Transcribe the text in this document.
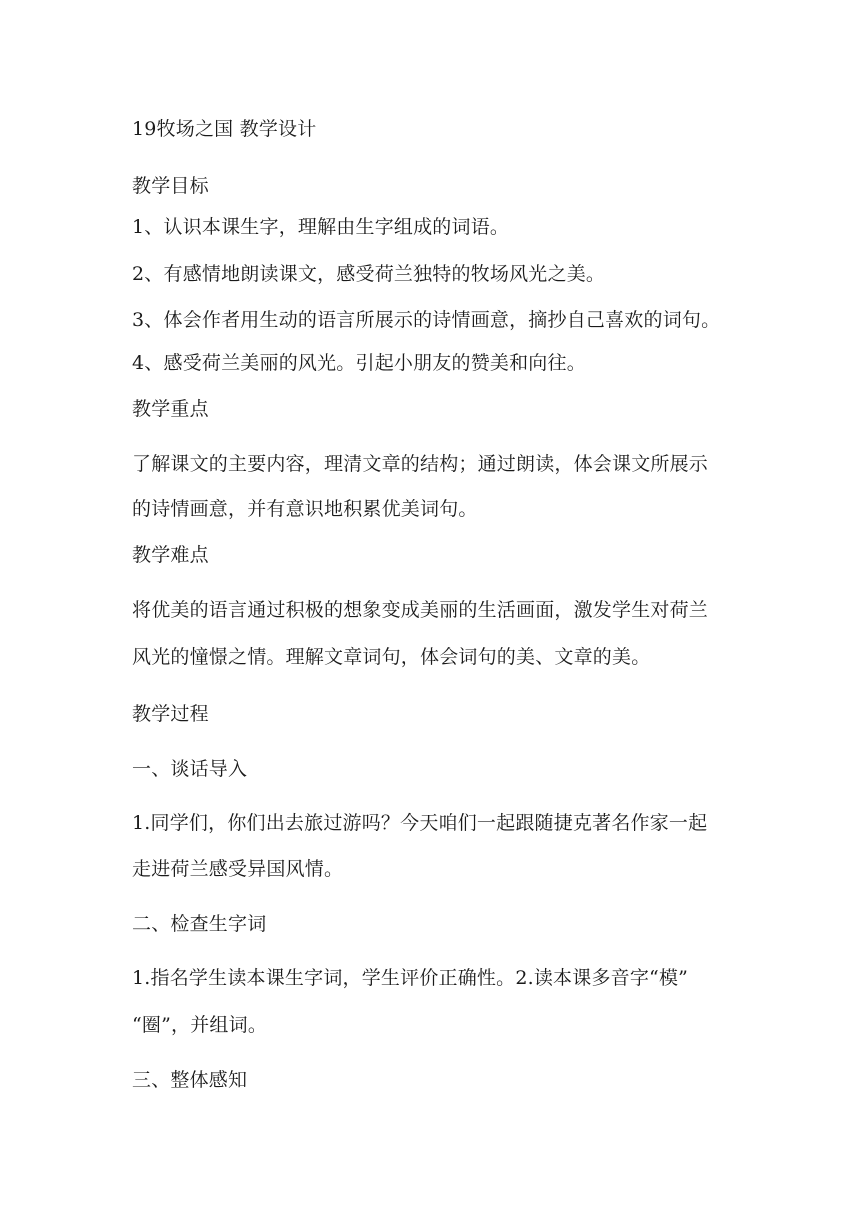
19牧场之国 教学设计
教学目标
1、认识本课生字，理解由生字组成的词语。
2、有感情地朗读课文，感受荷兰独特的牧场风光之美。
3、体会作者用生动的语言所展示的诗情画意，摘抄自己喜欢的词句。
4、感受荷兰美丽的风光。引起小朋友的赞美和向往。
教学重点
了解课文的主要内容，理清文章的结构；通过朗读，体会课文所展示
的诗情画意，并有意识地积累优美词句。
教学难点
将优美的语言通过积极的想象变成美丽的生活画面，激发学生对荷兰
风光的憧憬之情。理解文章词句，体会词句的美、文章的美。
教学过程
一、谈话导入
1.同学们，你们出去旅过游吗？今天咱们一起跟随捷克著名作家一起
走进荷兰感受异国风情。
二、检查生字词
1.指名学生读本课生字词，学生评价正确性。2.读本课多音字“模”
“圈”，并组词。
三、整体感知
